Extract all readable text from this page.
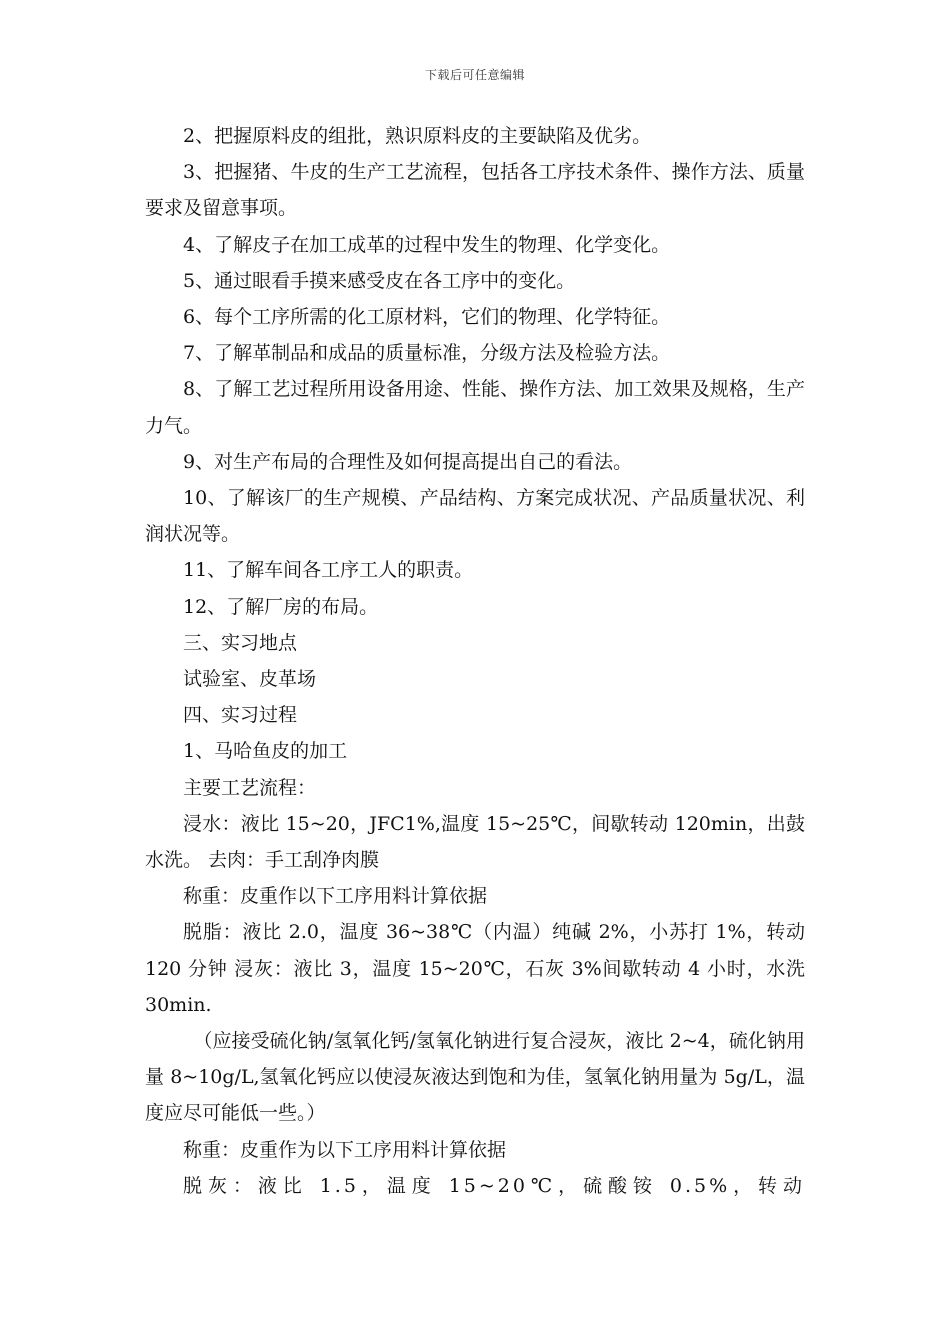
下载后可任意编辑

2、把握原料皮的组批，熟识原料皮的主要缺陷及优劣。

3、把握猪、牛皮的生产工艺流程，包括各工序技术条件、操作方法、质量要求及留意事项。

4、了解皮子在加工成革的过程中发生的物理、化学变化。

5、通过眼看手摸来感受皮在各工序中的变化。

6、每个工序所需的化工原材料，它们的物理、化学特征。

7、了解革制品和成品的质量标准，分级方法及检验方法。

8、了解工艺过程所用设备用途、性能、操作方法、加工效果及规格，生产力气。

9、对生产布局的合理性及如何提高提出自己的看法。

10、了解该厂的生产规模、产品结构、方案完成状况、产品质量状况、利润状况等。

11、了解车间各工序工人的职责。

12、了解厂房的布局。

三、实习地点

试验室、皮革场

四、实习过程

1、马哈鱼皮的加工

主要工艺流程：

浸水：液比 15~20，JFC1%,温度 15~25℃，间歇转动 120min，出鼓水洗。 去肉：手工刮净肉膜

称重：皮重作以下工序用料计算依据

脱脂：液比 2.0，温度 36~38℃（内温）纯碱 2%，小苏打 1%，转动 120 分钟 浸灰：液比 3，温度 15~20℃，石灰 3%间歇转动 4 小时，水洗 30min.

（应接受硫化钠/氢氧化钙/氢氧化钠进行复合浸灰，液比 2~4，硫化钠用量 8~10g/L,氢氧化钙应以使浸灰液达到饱和为佳，氢氧化钠用量为 5g/L，温度应尽可能低一些。）

称重：皮重作为以下工序用料计算依据

脱灰：液比 1.5，温度 15~20℃，硫酸铵 0.5%，转动
